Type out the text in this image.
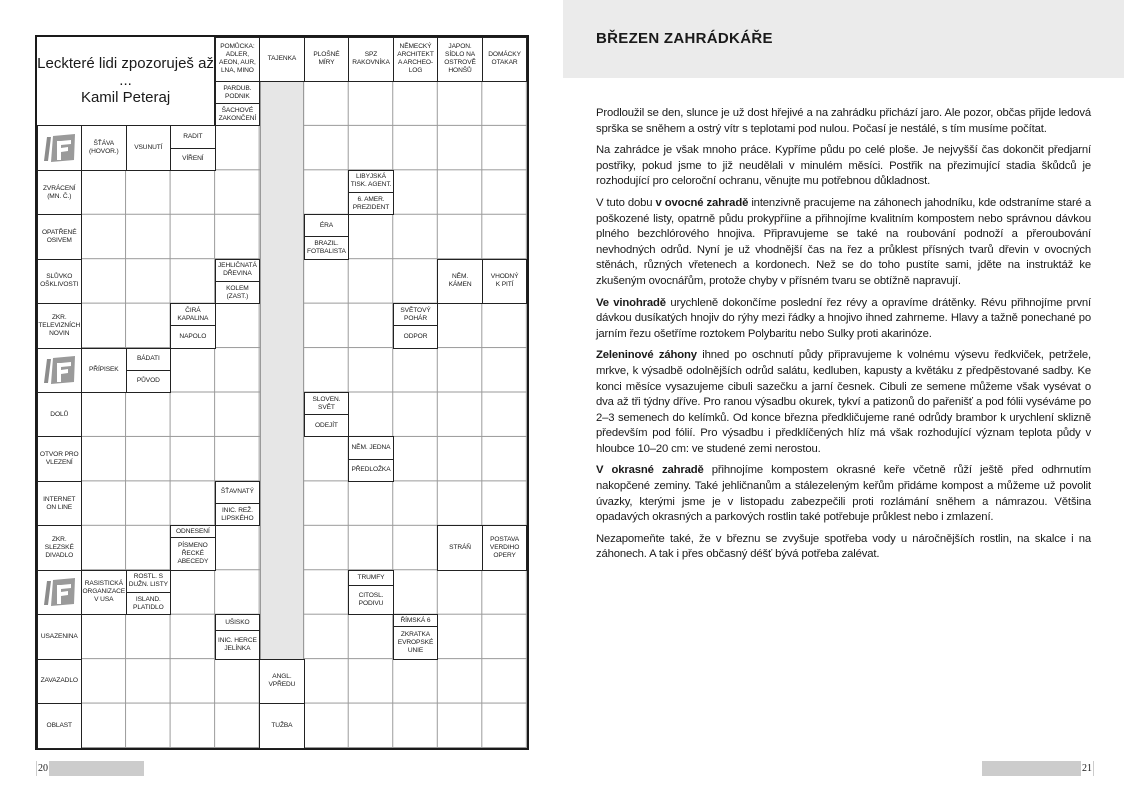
Leckteré lidi zpozoruješ až ...
Kamil Peteraj
POMŮCKA:
ADLER,
AEON, AUR,
LNA, MINO
TAJENKA
PLOŠNÉ
MÍRY
SPZ
RAKOVNÍKA
NĚMECKÝ
ARCHITEKT
A ARCHEO-
LOG
JAPON.
SÍDLO NA
OSTROVĚ
HONŠŮ
DOMÁCKY
OTAKAR
PARDUB.
PODNIK
ŠACHOVÉ
ZAKONČENÍ
ŠŤÁVA
(HOVOR.)
VSUNUTÍ
RADIT
VÍŘENÍ
ZVRÁCENÍ
(MN. Č.)
LIBYJSKÁ
TISK. AGENT.
6. AMER.
PREZIDENT
OPATŘENÉ
OSIVEM
ÉRA
BRAZIL.
FOTBALISTA
SLŮVKO
OŠKLIVOSTI
JEHLIČNATÁ
DŘEVINA
KOLEM
(ZAST.)
NĚM.
KÁMEN
VHODNÝ
K PITÍ
ZKR.
TELEVIZNÍCH
NOVIN
ČIRÁ
KAPALINA
NAPOLO
SVĚTOVÝ
POHÁR
ODPOR
PŘÍPISEK
BÁDATI
PŮVOD
DOLŮ
SLOVEN.
SVĚT
ODEJÍT
OTVOR PRO
VLEZENÍ
NĚM. JEDNA
PŘEDLOŽKA
INTERNET
ON LINE
ŠŤAVNATÝ
INIC. REŽ.
LIPSKÉHO
ZKR.
SLEZSKÉ
DIVADLO
ODNESENÍ
PÍSMENO
ŘECKÉ
ABECEDY
STRÁŇ
POSTAVA
VERDIHO
OPERY
RASISTICKÁ
ORGANIZACE
V USA
ROSTL. S
DUŽN. LISTY
ISLAND.
PLATIDLO
TRUMFY
CITOSL.
PODIVU
USAZENINA
UŠISKO
INIC. HERCE
JELÍNKA
ŘÍMSKÁ 6
ZKRATKA
EVROPSKÉ
UNIE
ZAVAZADLO
ANGL.
VPŘEDU
OBLAST	TUŽBA
20	21
BŘEZEN ZAHRÁDKÁŘE

Prodloužil se den, slunce je už dost hřejivé a na zahrádku přichází jaro. Ale pozor, občas přijde ledová sprška se sněhem a ostrý vítr s teplotami pod nulou. Počasí je nestálé, s tím musíme počítat.

Na zahrádce je však mnoho práce. Kypříme půdu po celé ploše. Je nejvyšší čas dokončit předjarní postřiky, pokud jsme to již neudělali v minulém měsíci. Postřik na přezimující stadia škůdců je rozhodující pro celoroční ochranu, věnujte mu potřebnou důkladnost.

V tuto dobu v ovocné zahradě intenzivně pracujeme na záhonech jahodníku, kde odstraníme staré a poškozené listy, opatrně půdu prokypříine a přihnojíme kvalitním kompostem nebo správnou dávkou plného bezchlórového hnojiva. Připravujeme se také na roubování podnoží a přeroubování nevhodných odrůd. Nyní je už vhodnější čas na řez a průklest přísných tvarů dřevin v ovocných stěnách, různých vřetenech a kordonech. Než se do toho pustíte sami, jděte na instruktáž ke zkušeným ovocnářům, protože chyby v přísném tvaru se obtížně napravují.

Ve vinohradě urychleně dokončíme poslední řez révy a opravíme drátěnky. Révu přihnojíme první dávkou dusíkatých hnojiv do rýhy mezi řádky a hnojivo ihned zahrneme. Hlavy a tažně ponechané po jarním řezu ošetříme roztokem Polybaritu nebo Sulky proti akarinóze.

Zeleninové záhony ihned po oschnutí půdy připravujeme k volnému výsevu ředkviček, petržele, mrkve, k výsadbě odolnějších odrůd salátu, kedluben, kapusty a květáku z předpěstované sadby. Ke konci měsíce vysazujeme cibuli sazečku a jarní česnek. Cibuli ze semene můžeme však vysévat o dva až tři týdny dříve. Pro ranou výsadbu okurek, tykví a patizonů do pařenišť a pod fólii vyséváme po 2–3 semenech do kelímků. Od konce března předkličujeme rané odrůdy brambor k urychlení sklizně především pod fólií. Pro výsadbu i předklíčených hlíz má však rozhodující význam teplota půdy v hloubce 10–20 cm: ve studené zemi nerostou.

V okrasné zahradě přihnojíme kompostem okrasné keře včetně růží ještě před odhrnutím nakopčené zeminy. Také jehličnanům a stálezeleným keřům přidáme kompost a můžeme už povolit úvazky, kterými jsme je v listopadu zabezpečili proti rozlámání sněhem a námrazou. Většina opadavých okrasných a parkových rostlin také potřebuje průklest nebo i zmlazení.

Nezapomeňte také, že v březnu se zvyšuje spotřeba vody u náročnějších rostlin, na skalce i na záhonech. A tak i přes občasný déšť bývá potřeba zalévat.
